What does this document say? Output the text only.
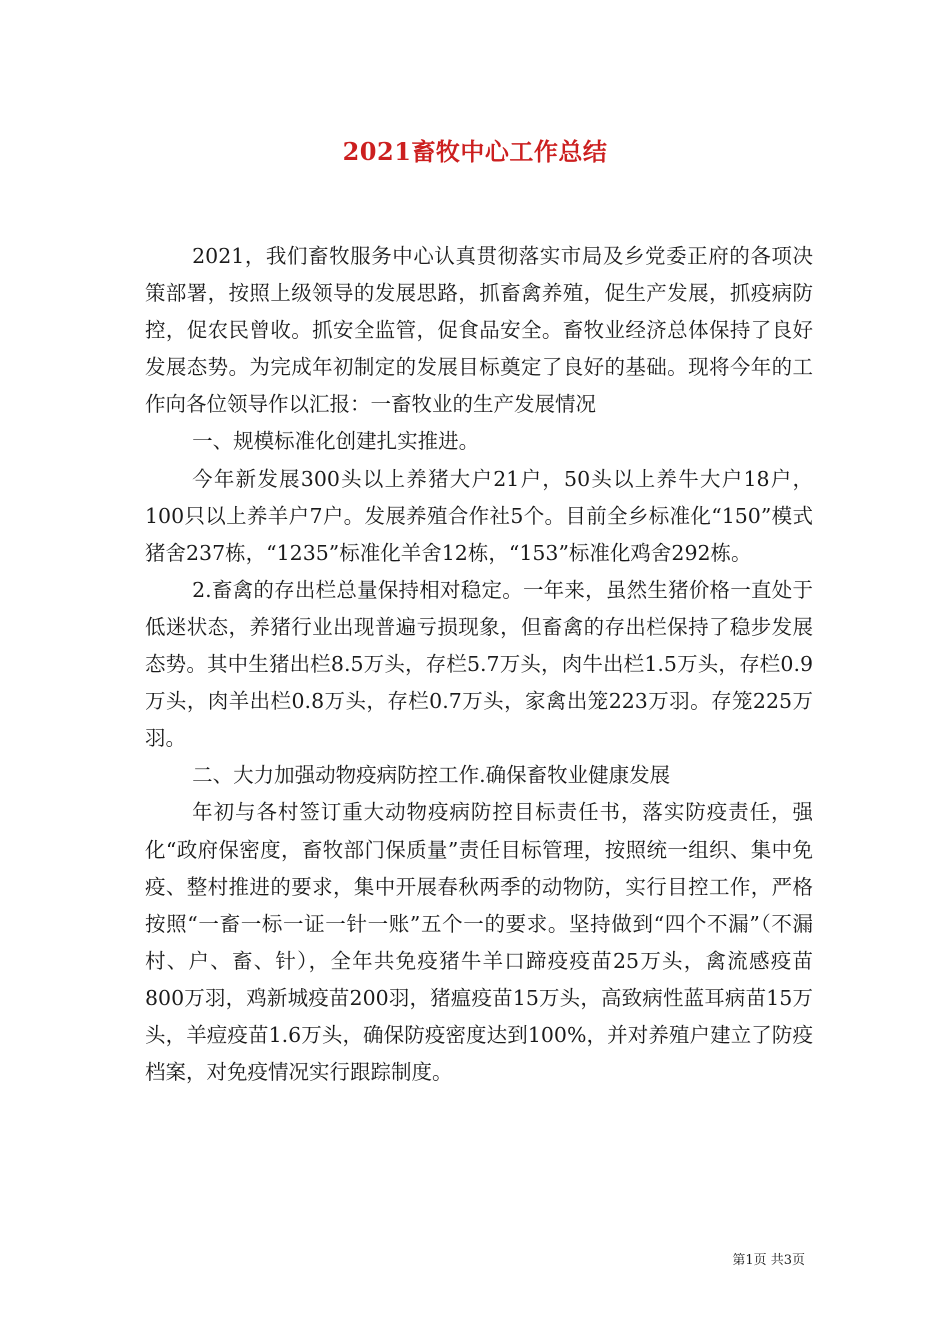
2021畜牧中心工作总结

2021，我们畜牧服务中心认真贯彻落实市局及乡党委正府的各项决策部署，按照上级领导的发展思路，抓畜禽养殖，促生产发展，抓疫病防控，促农民曾收。抓安全监管，促食品安全。畜牧业经济总体保持了良好发展态势。为完成年初制定的发展目标奠定了良好的基础。现将今年的工作向各位领导作以汇报：一畜牧业的生产发展情况

一、规模标准化创建扎实推进。

今年新发展300头以上养猪大户21户，50头以上养牛大户18户，100只以上养羊户7户。发展养殖合作社5个。目前全乡标准化“150”模式猪舍237栋，“1235”标准化羊舍12栋，“153”标准化鸡舍292栋。

2.畜禽的存出栏总量保持相对稳定。一年来，虽然生猪价格一直处于低迷状态，养猪行业出现普遍亏损现象，但畜禽的存出栏保持了稳步发展态势。其中生猪出栏8.5万头，存栏5.7万头，肉牛出栏1.5万头，存栏0.9万头，肉羊出栏0.8万头，存栏0.7万头，家禽出笼223万羽。存笼225万羽。

二、大力加强动物疫病防控工作.确保畜牧业健康发展

年初与各村签订重大动物疫病防控目标责任书，落实防疫责任，强化“政府保密度，畜牧部门保质量”责任目标管理，按照统一组织、集中免疫、整村推进的要求，集中开展春秋两季的动物防，实行目控工作，严格按照“一畜一标一证一针一账”五个一的要求。坚持做到“四个不漏”（不漏村、户、畜、针），全年共免疫猪牛羊口蹄疫疫苗25万头，禽流感疫苗800万羽，鸡新城疫苗200羽，猪瘟疫苗15万头，高致病性蓝耳病苗15万头，羊痘疫苗1.6万头，确保防疫密度达到100%，并对养殖户建立了防疫档案，对免疫情况实行跟踪制度。

第1页 共3页
